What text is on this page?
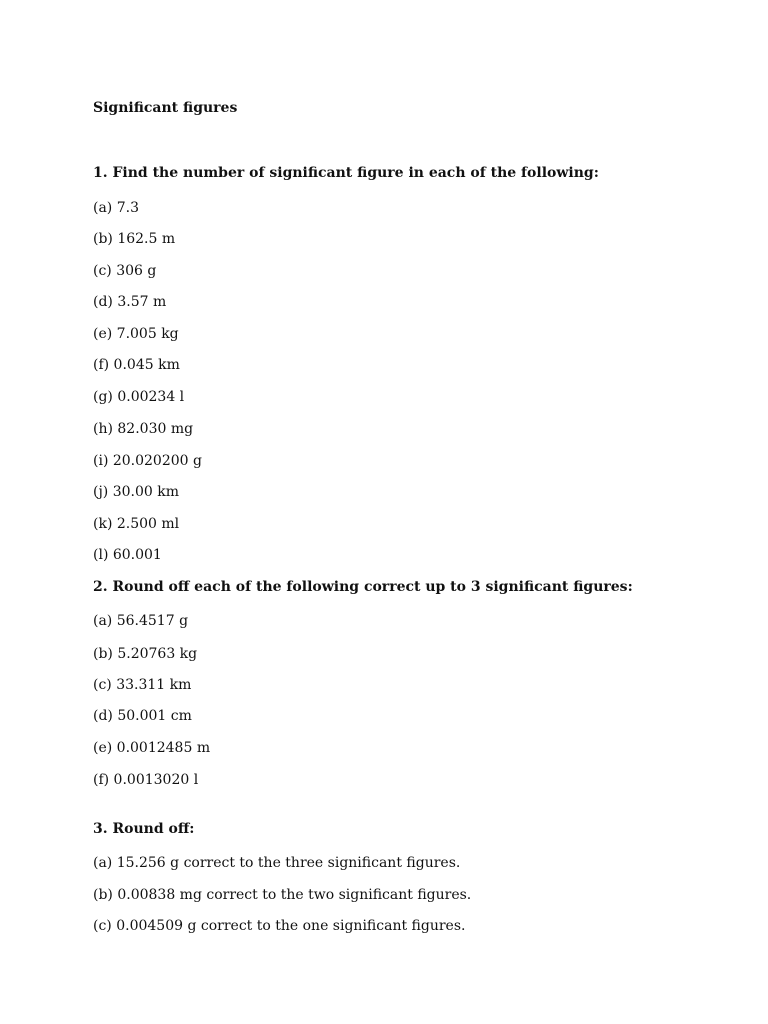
Significant figures
1. Find the number of significant figure in each of the following:
(a) 7.3
(b) 162.5 m
(c) 306 g
(d) 3.57 m
(e) 7.005 kg
(f) 0.045 km
(g) 0.00234 l
(h) 82.030 mg
(i) 20.020200 g
(j) 30.00 km
(k) 2.500 ml
(l) 60.001
2. Round off each of the following correct up to 3 significant figures:
(a) 56.4517 g
(b) 5.20763 kg
(c) 33.311 km
(d) 50.001 cm
(e) 0.0012485 m
(f) 0.0013020 l
3. Round off:
(a) 15.256 g correct to the three significant figures.
(b) 0.00838 mg correct to the two significant figures.
(c) 0.004509 g correct to the one significant figures.
